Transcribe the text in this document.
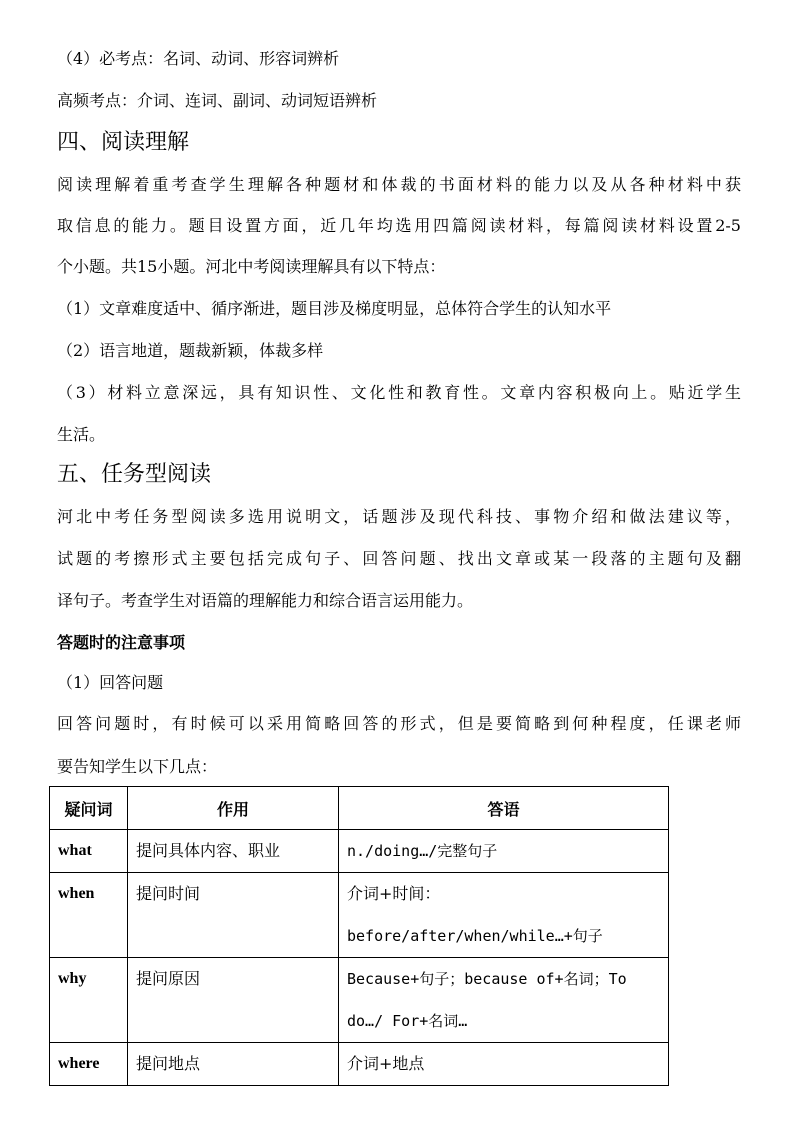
（4）必考点：名词、动词、形容词辨析
高频考点：介词、连词、副词、动词短语辨析
四、阅读理解
阅读理解着重考查学生理解各种题材和体裁的书面材料的能力以及从各种材料中获
取信息的能力。题目设置方面，近几年均选用四篇阅读材料，每篇阅读材料设置2-5
个小题。共15小题。河北中考阅读理解具有以下特点：
（1）文章难度适中、循序渐进，题目涉及梯度明显，总体符合学生的认知水平
（2）语言地道，题裁新颖，体裁多样
（3）材料立意深远，具有知识性、文化性和教育性。文章内容积极向上。贴近学生
生活。
五、任务型阅读
河北中考任务型阅读多选用说明文，话题涉及现代科技、事物介绍和做法建议等，
试题的考擦形式主要包括完成句子、回答问题、找出文章或某一段落的主题句及翻
译句子。考查学生对语篇的理解能力和综合语言运用能力。
答题时的注意事项
（1）回答问题
回答问题时，有时候可以采用简略回答的形式，但是要简略到何种程度，任课老师
要告知学生以下几点：
疑问词	作用	答语
what	提问具体内容、职业	n./doing…/完整句子

when	提问时间	介词+时间：
before/after/when/while…+句子

why	提问原因	Because+句子；because of+名词；To
do…/ For+名词…

where	提问地点	介词+地点
